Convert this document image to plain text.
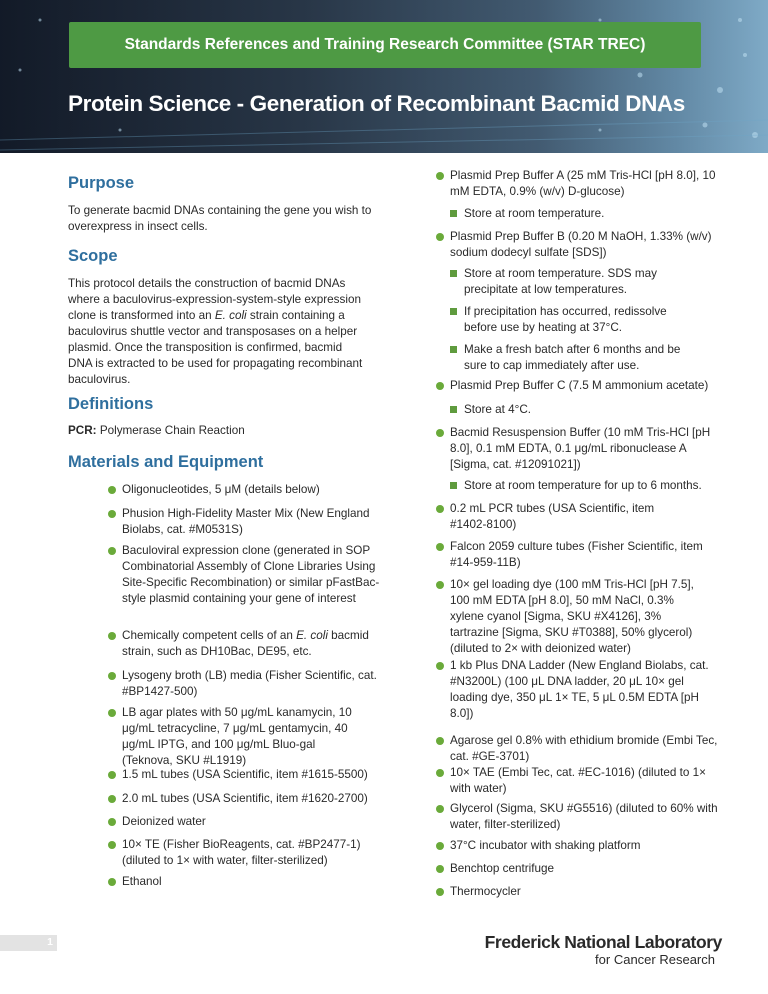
Standards References and Training Research Committee (STAR TREC)
Protein Science - Generation of Recombinant Bacmid DNAs
Purpose

To generate bacmid DNAs containing the gene you wish to overexpress in insect cells.

Scope

This protocol details the construction of bacmid DNAs where a baculovirus-expression-system-style expression clone is transformed into an E. coli strain containing a baculovirus shuttle vector and transposases on a helper plasmid. Once the transposition is confirmed, bacmid DNA is extracted to be used for propagating recombinant baculovirus.

Definitions

PCR: Polymerase Chain Reaction

Materials and Equipment
Oligonucleotides, 5 μM (details below)
Phusion High-Fidelity Master Mix (New England Biolabs, cat. #M0531S)
Baculoviral expression clone (generated in SOP Combinatorial Assembly of Clone Libraries Using Site-Specific Recombination) or similar pFastBac-style plasmid containing your gene of interest
Chemically competent cells of an E. coli bacmid strain, such as DH10Bac, DE95, etc.
Lysogeny broth (LB) media (Fisher Scientific, cat. #BP1427-500)
LB agar plates with 50 μg/mL kanamycin, 10 μg/mL tetracycline, 7 μg/mL gentamycin, 40 μg/mL IPTG, and 100 μg/mL Bluo-gal (Teknova, SKU #L1919)
1.5 mL tubes (USA Scientific, item #1615-5500)
2.0 mL tubes (USA Scientific, item #1620-2700)
Deionized water
10× TE (Fisher BioReagents, cat. #BP2477-1) (diluted to 1× with water, filter-sterilized)
Ethanol
Plasmid Prep Buffer A (25 mM Tris-HCl [pH 8.0], 10 mM EDTA, 0.9% (w/v) D-glucose)
Store at room temperature.
Plasmid Prep Buffer B (0.20 M NaOH, 1.33% (w/v) sodium dodecyl sulfate [SDS])
Store at room temperature. SDS may precipitate at low temperatures.
If precipitation has occurred, redissolve before use by heating at 37°C.
Make a fresh batch after 6 months and be sure to cap immediately after use.
Plasmid Prep Buffer C (7.5 M ammonium acetate)
Store at 4°C.
Bacmid Resuspension Buffer (10 mM Tris-HCl [pH 8.0], 0.1 mM EDTA, 0.1 μg/mL ribonuclease A [Sigma, cat. #12091021])
Store at room temperature for up to 6 months.
0.2 mL PCR tubes (USA Scientific, item #1402-8100)
Falcon 2059 culture tubes (Fisher Scientific, item #14-959-11B)
10× gel loading dye (100 mM Tris-HCl [pH 7.5], 100 mM EDTA [pH 8.0], 50 mM NaCl, 0.3% xylene cyanol [Sigma, SKU #X4126], 3% tartrazine [Sigma, SKU #T0388], 50% glycerol) (diluted to 2× with deionized water)
1 kb Plus DNA Ladder (New England Biolabs, cat. #N3200L) (100 μL DNA ladder, 20 μL 10× gel loading dye, 350 μL 1× TE, 5 μL 0.5M EDTA [pH 8.0])
Agarose gel 0.8% with ethidium bromide (Embi Tec, cat. #GE-3701)
10× TAE (Embi Tec, cat. #EC-1016) (diluted to 1× with water)
Glycerol (Sigma, SKU #G5516) (diluted to 60% with water, filter-sterilized)
37°C incubator with shaking platform
Benchtop centrifuge
Thermocycler
1	Frederick National Laboratory
for Cancer Research
